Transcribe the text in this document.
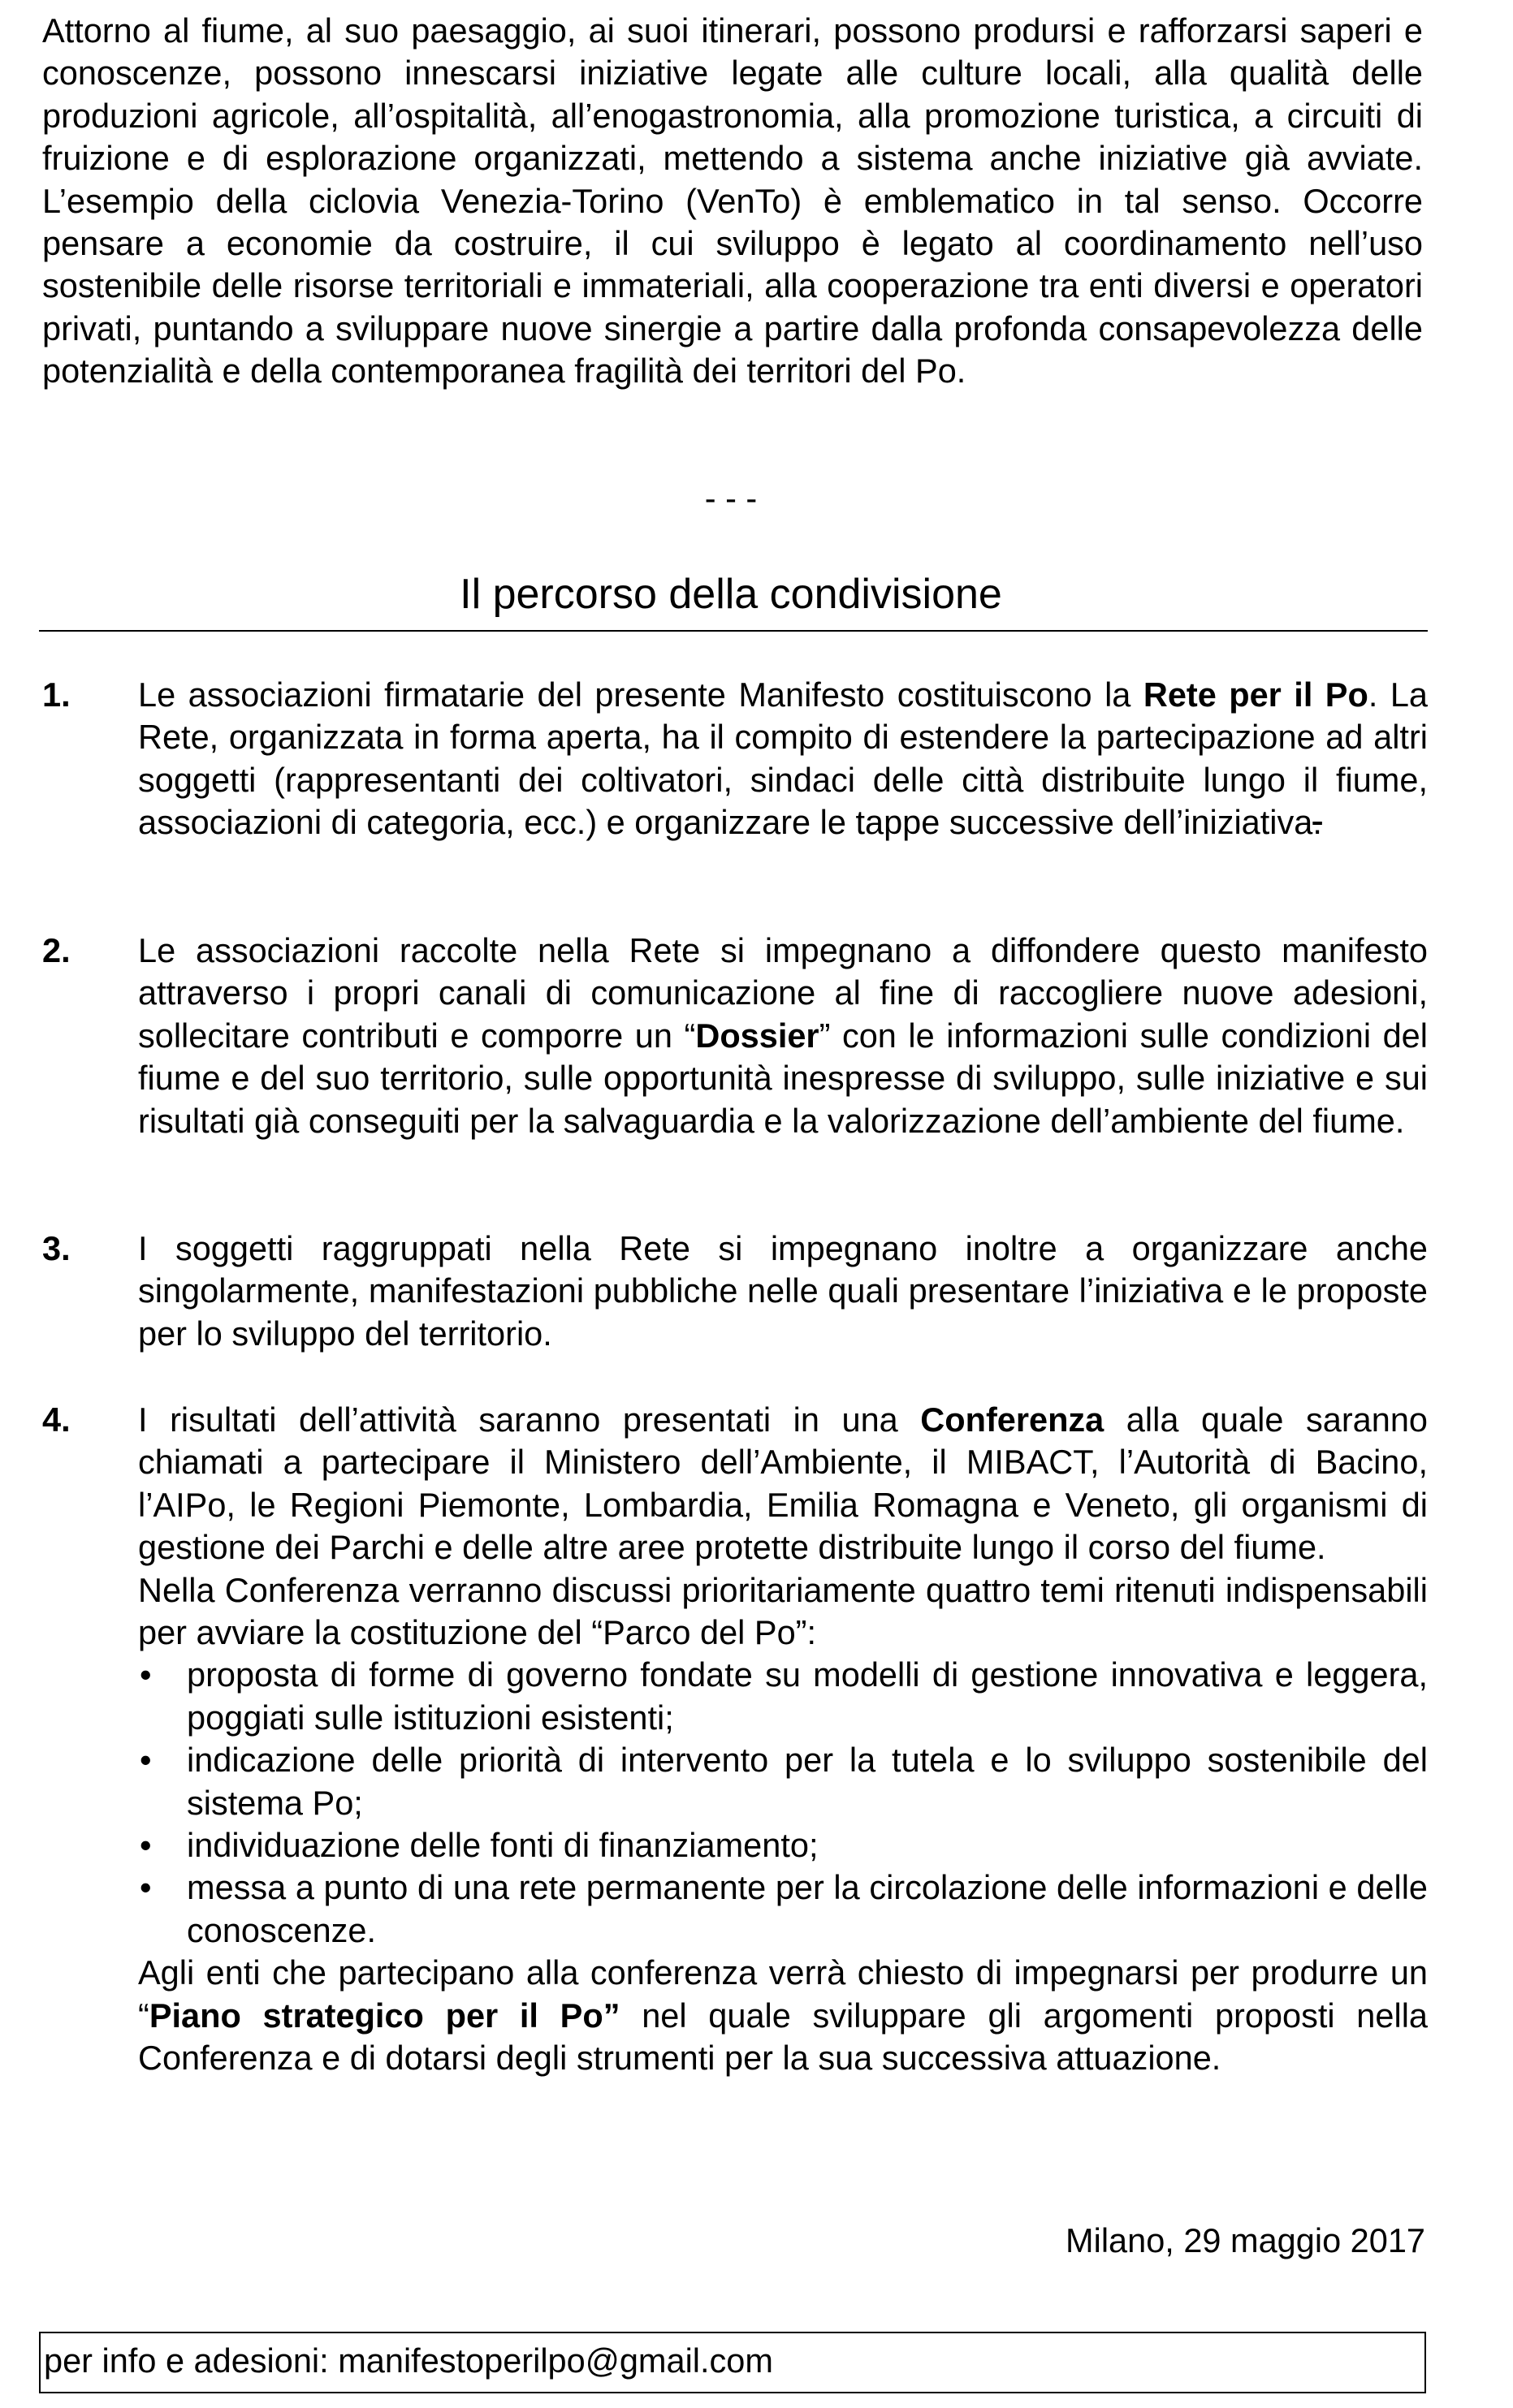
Attorno al fiume, al suo paesaggio, ai suoi itinerari, possono prodursi e rafforzarsi saperi e conoscenze, possono innescarsi iniziative legate alle culture locali, alla qualità delle produzioni agricole, all’ospitalità, all’enogastronomia, alla promozione turistica, a circuiti di fruizione e di esplorazione organizzati, mettendo a sistema anche iniziative già avviate. L’esempio della ciclovia Venezia-Torino (VenTo) è emblematico in tal senso. Occorre pensare a economie da costruire, il cui sviluppo è legato al coordinamento nell’uso sostenibile delle risorse territoriali e immateriali, alla cooperazione tra enti diversi e operatori privati, puntando a sviluppare nuove sinergie a partire dalla profonda consapevolezza delle potenzialità e della contemporanea fragilità dei territori del Po.

- - -

Il percorso della condivisione
1. Le associazioni firmatarie del presente Manifesto costituiscono la Rete per il Po. La Rete, organizzata in forma aperta, ha il compito di estendere la partecipazione ad altri soggetti (rappresentanti dei coltivatori, sindaci delle città distribuite lungo il fiume, associazioni di categoria, ecc.) e organizzare le tappe successive dell’iniziativa.

2. Le associazioni raccolte nella Rete si impegnano a diffondere questo manifesto attraverso i propri canali di comunicazione al fine di raccogliere nuove adesioni, sollecitare contributi e comporre un “Dossier” con le informazioni sulle condizioni del fiume e del suo territorio, sulle opportunità inespresse di sviluppo, sulle iniziative e sui risultati già conseguiti per la salvaguardia e la valorizzazione dell’ambiente del fiume.

3. I soggetti raggruppati nella Rete si impegnano inoltre a organizzare anche singolarmente, manifestazioni pubbliche nelle quali presentare l’iniziativa e le proposte per lo sviluppo del territorio.

4. I risultati dell’attività saranno presentati in una Conferenza alla quale saranno chiamati a partecipare il Ministero dell’Ambiente, il MIBACT, l’Autorità di Bacino, l’AIPo, le Regioni Piemonte, Lombardia, Emilia Romagna e Veneto, gli organismi di gestione dei Parchi e delle altre aree protette distribuite lungo il corso del fiume.

Nella Conferenza verranno discussi prioritariamente quattro temi ritenuti indispensabili per avviare la costituzione del “Parco del Po”:

• proposta di forme di governo fondate su modelli di gestione innovativa e leggera, poggiati sulle istituzioni esistenti;
• indicazione delle priorità di intervento per la tutela e lo sviluppo sostenibile del sistema Po;
• individuazione delle fonti di finanziamento;
• messa a punto di una rete permanente per la circolazione delle informazioni e delle conoscenze.

Agli enti che partecipano alla conferenza verrà chiesto di impegnarsi per produrre un “Piano strategico per il Po” nel quale sviluppare gli argomenti proposti nella Conferenza e di dotarsi degli strumenti per la sua successiva attuazione.

Milano, 29 maggio 2017

per info e adesioni: manifestoperilpo@gmail.com
